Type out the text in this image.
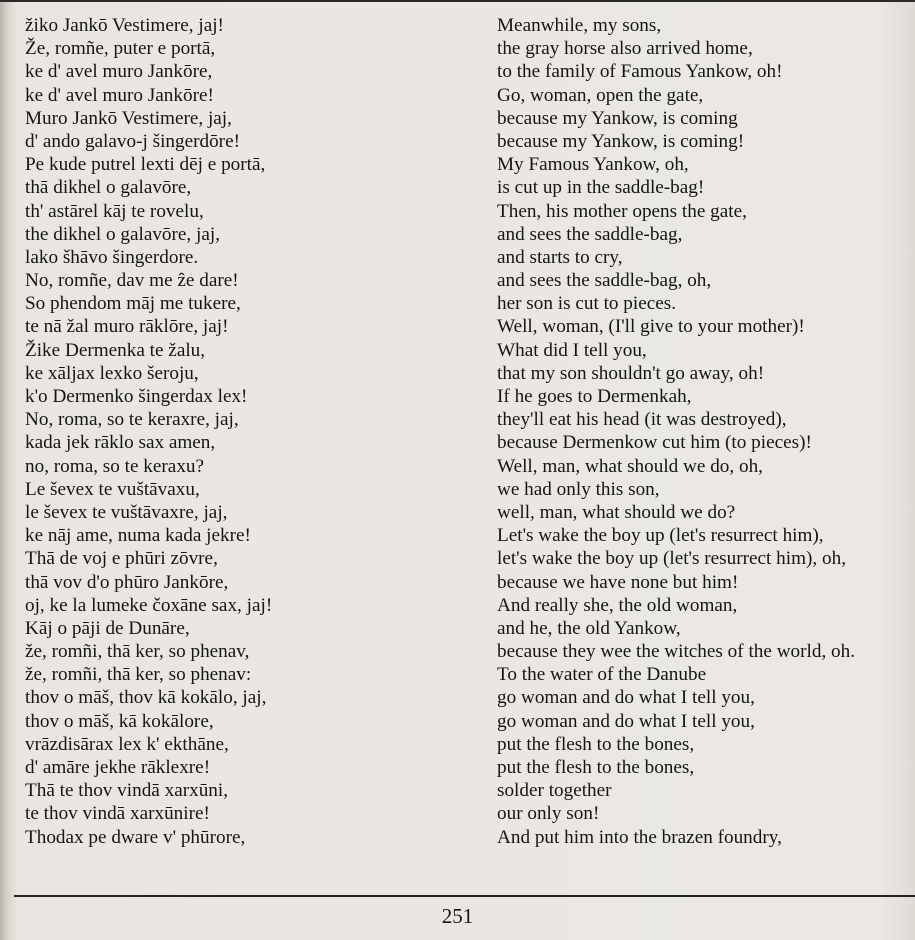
žiko Jankō Vestimere, jaj!
Že, romñe, puter e portā,
ke d' avel muro Jankōre,
ke d' avel muro Jankōre!
Muro Jankō Vestimere, jaj,
d' ando galavo-j šingerdōre!
Pe kude putrel lexti dēj e portā,
thā dikhel o galavōre,
th' astārel kāj te rovelu,
the dikhel o galavōre, jaj,
lako šhāvo šingerdore.
No, romñe, dav me ẑe dare!
So phendom māj me tukere,
te nā žal muro rāklōre, jaj!
Žike Dermenka te žalu,
ke xāljax lexko šeroju,
k'o Dermenko šingerdax lex!
No, roma, so te keraxre, jaj,
kada jek rāklo sax amen,
no, roma, so te keraxu?
Le ševex te vuštāvaxu,
le ševex te vuštāvaxre, jaj,
ke nāj ame, numa kada jekre!
Thā de voj e phūri zōvre,
thā vov d'o phūro Jankōre,
oj, ke la lumeke čoxāne sax, jaj!
Kāj o pāji de Dunāre,
že, romñi, thā ker, so phenav,
že, romñi, thā ker, so phenav:
thov o māš, thov kā kokālo, jaj,
thov o māš, kā kokālore,
vrāzdisārax lex k' ekthāne,
d' amāre jekhe rāklexre!
Thā te thov vindā xarxūni,
te thov vindā xarxūnire!
Thodax pe dware v' phūrore,
Meanwhile, my sons,
the gray horse also arrived home,
to the family of Famous Yankow, oh!
Go, woman, open the gate,
because my Yankow, is coming
because my Yankow, is coming!
My Famous Yankow, oh,
is cut up in the saddle-bag!
Then, his mother opens the gate,
and sees the saddle-bag,
and starts to cry,
and sees the saddle-bag, oh,
her son is cut to pieces.
Well, woman, (I'll give to your mother)!
What did I tell you,
that my son shouldn't go away, oh!
If he goes to Dermenkah,
they'll eat his head (it was destroyed),
because Dermenkow cut him (to pieces)!
Well, man, what should we do, oh,
we had only this son,
well, man, what should we do?
Let's wake the boy up (let's resurrect him),
let's wake the boy up (let's resurrect him), oh,
because we have none but him!
And really she, the old woman,
and he, the old Yankow,
because they wee the witches of the world, oh.
To the water of the Danube
go woman and do what I tell you,
go woman and do what I tell you,
put the flesh to the bones,
put the flesh to the bones,
solder together
our only son!
And put him into the brazen foundry,
251
